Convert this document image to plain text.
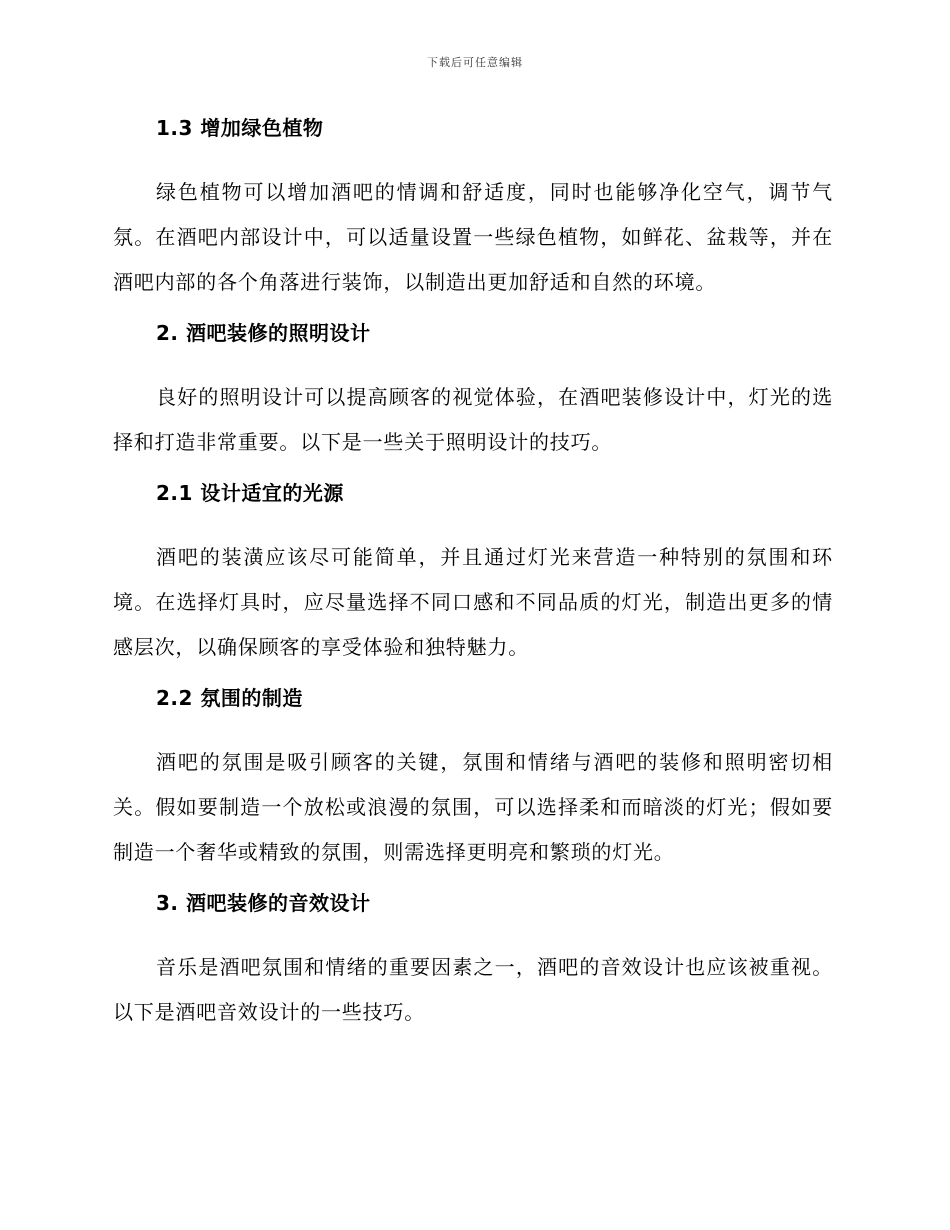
下载后可任意编辑
1.3 增加绿色植物

绿色植物可以增加酒吧的情调和舒适度，同时也能够净化空气，调节气氛。在酒吧内部设计中，可以适量设置一些绿色植物，如鲜花、盆栽等，并在酒吧内部的各个角落进行装饰，以制造出更加舒适和自然的环境。

2. 酒吧装修的照明设计

良好的照明设计可以提高顾客的视觉体验，在酒吧装修设计中，灯光的选择和打造非常重要。以下是一些关于照明设计的技巧。

2.1 设计适宜的光源

酒吧的装潢应该尽可能简单，并且通过灯光来营造一种特别的氛围和环境。在选择灯具时，应尽量选择不同口感和不同品质的灯光，制造出更多的情感层次，以确保顾客的享受体验和独特魅力。

2.2 氛围的制造

酒吧的氛围是吸引顾客的关键，氛围和情绪与酒吧的装修和照明密切相关。假如要制造一个放松或浪漫的氛围，可以选择柔和而暗淡的灯光；假如要制造一个奢华或精致的氛围，则需选择更明亮和繁琐的灯光。

3. 酒吧装修的音效设计

音乐是酒吧氛围和情绪的重要因素之一，酒吧的音效设计也应该被重视。以下是酒吧音效设计的一些技巧。
